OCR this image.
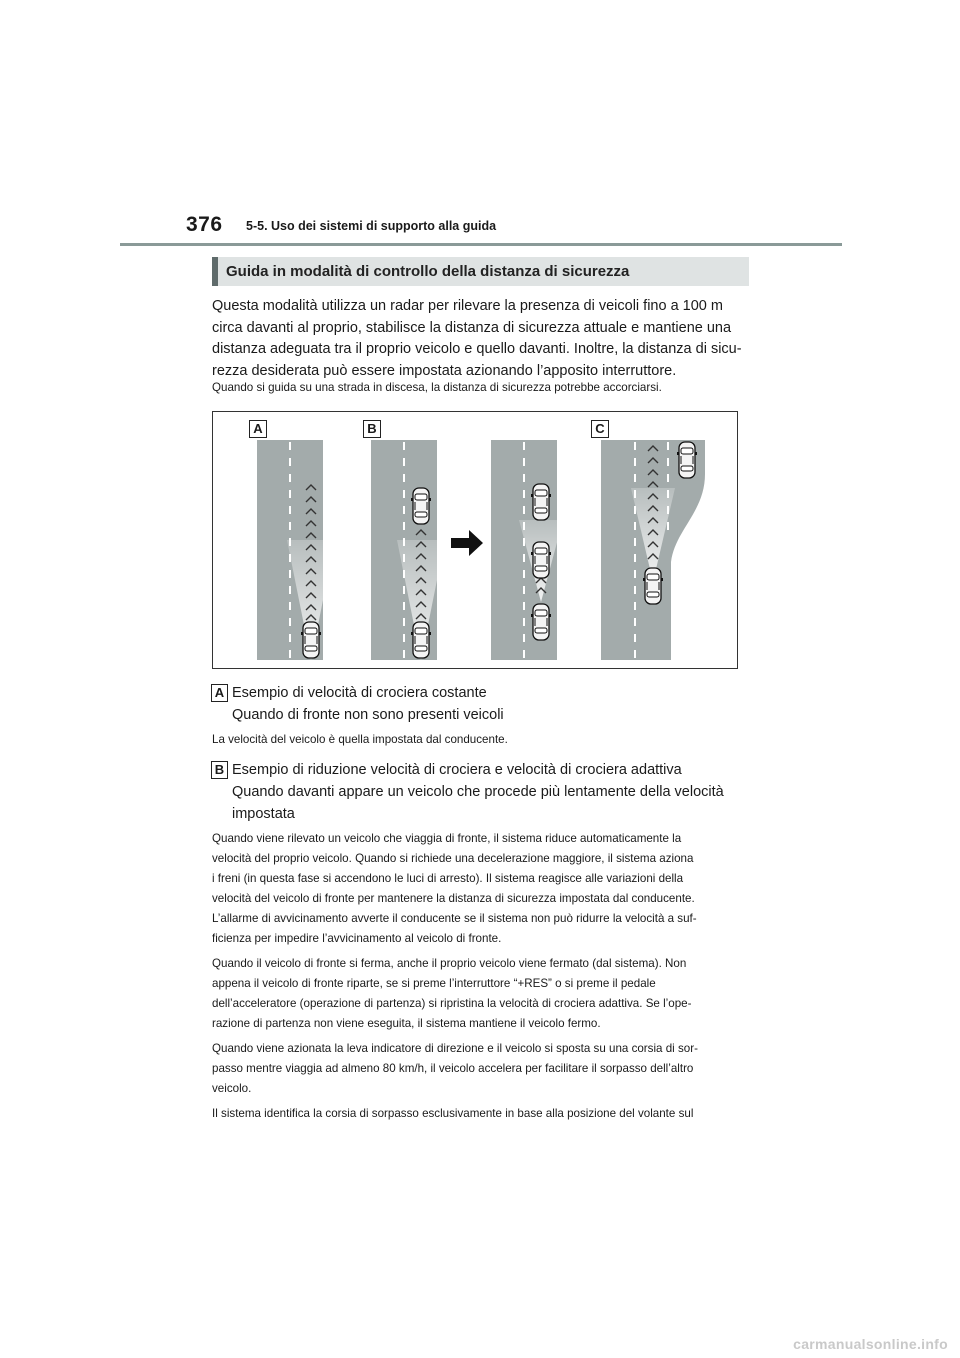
376 5-5. Uso dei sistemi di supporto alla guida
Guida in modalità di controllo della distanza di sicurezza
Questa modalità utilizza un radar per rilevare la presenza di veicoli fino a 100 m
circa davanti al proprio, stabilisce la distanza di sicurezza attuale e mantiene una
distanza adeguata tra il proprio veicolo e quello davanti. Inoltre, la distanza di sicu-
rezza desiderata può essere impostata azionando l’apposito interruttore.
Quando si guida su una strada in discesa, la distanza di sicurezza potrebbe accorciarsi.
A	B	C
A Esempio di velocità di crociera costante
Quando di fronte non sono presenti veicoli
La velocità del veicolo è quella impostata dal conducente.
B Esempio di riduzione velocità di crociera e velocità di crociera adattiva
Quando davanti appare un veicolo che procede più lentamente della velocità
impostata
Quando viene rilevato un veicolo che viaggia di fronte, il sistema riduce automaticamente la
velocità del proprio veicolo. Quando si richiede una decelerazione maggiore, il sistema aziona
i freni (in questa fase si accendono le luci di arresto). Il sistema reagisce alle variazioni della
velocità del veicolo di fronte per mantenere la distanza di sicurezza impostata dal conducente.
L’allarme di avvicinamento avverte il conducente se il sistema non può ridurre la velocità a suf-
ficienza per impedire l’avvicinamento al veicolo di fronte.
Quando il veicolo di fronte si ferma, anche il proprio veicolo viene fermato (dal sistema). Non
appena il veicolo di fronte riparte, se si preme l’interruttore “+RES” o si preme il pedale
dell’acceleratore (operazione di partenza) si ripristina la velocità di crociera adattiva. Se l’ope-
razione di partenza non viene eseguita, il sistema mantiene il veicolo fermo.
Quando viene azionata la leva indicatore di direzione e il veicolo si sposta su una corsia di sor-
passo mentre viaggia ad almeno 80 km/h, il veicolo accelera per facilitare il sorpasso dell’altro
veicolo.
Il sistema identifica la corsia di sorpasso esclusivamente in base alla posizione del volante sul
carmanualsonline.info
